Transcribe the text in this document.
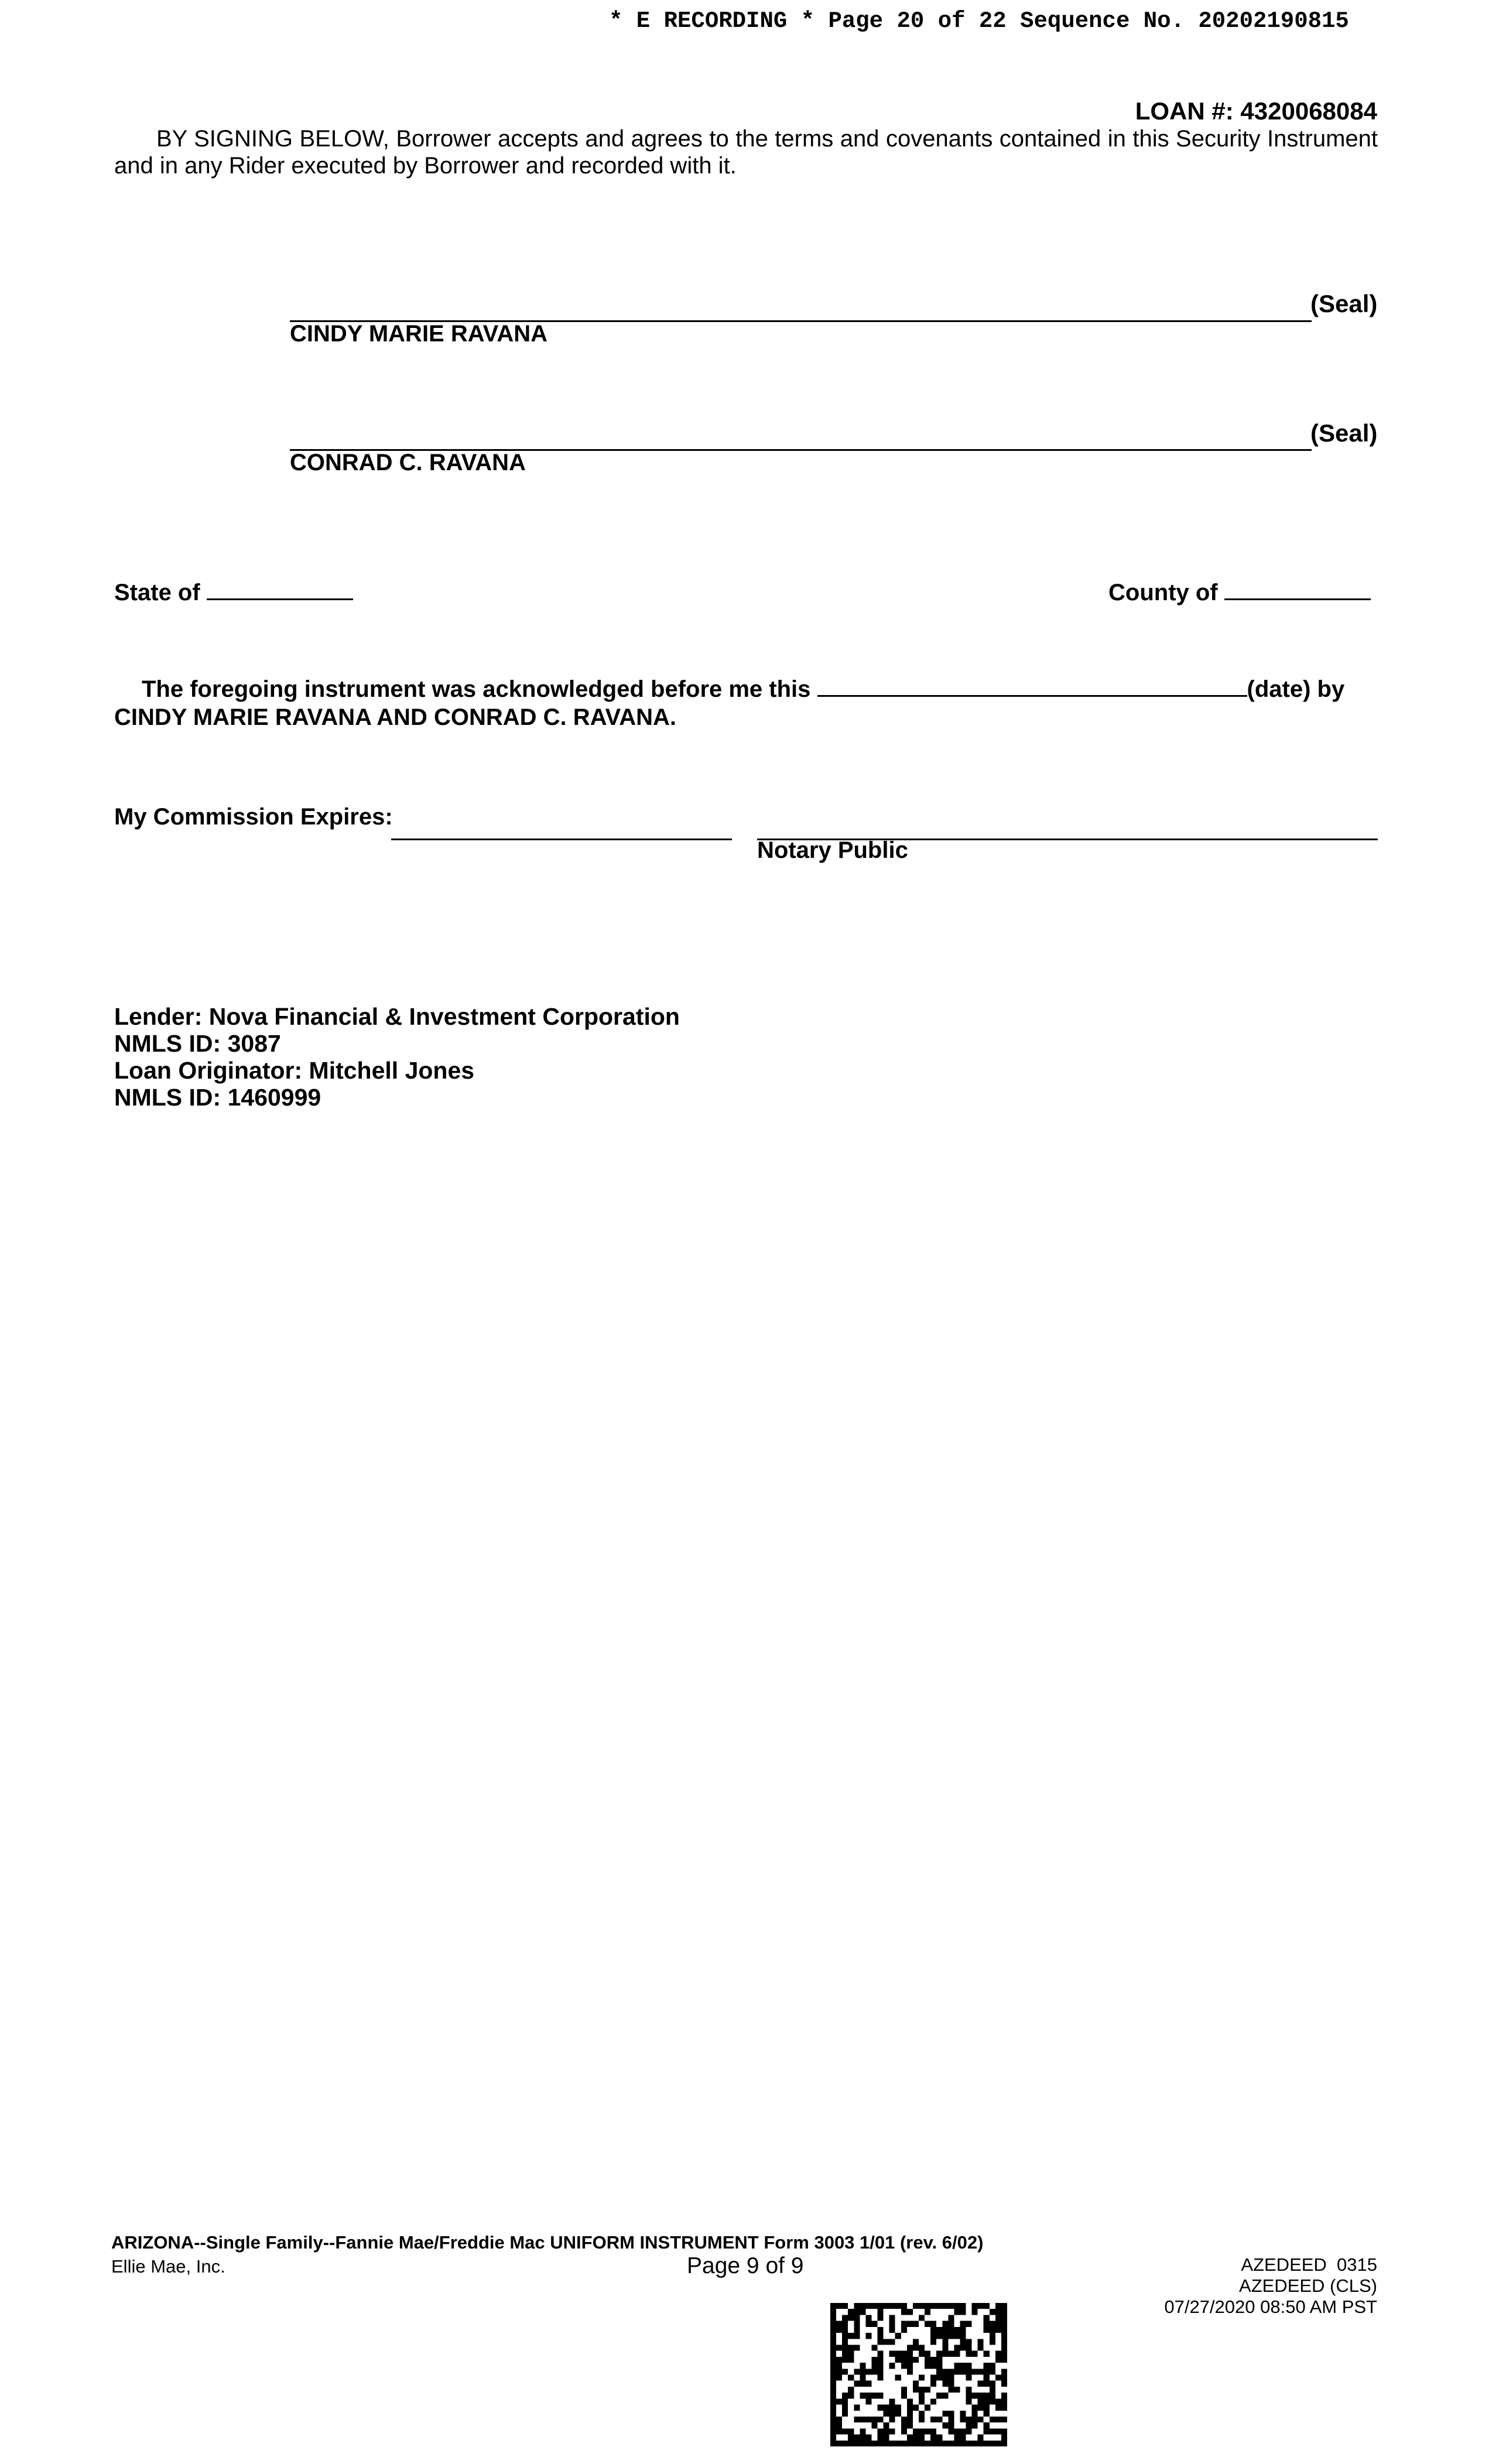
* E RECORDING * Page 20 of 22 Sequence No. 20202190815
LOAN #: 4320068084
BY SIGNING BELOW, Borrower accepts and agrees to the terms and covenants contained in this Security Instrument and in any Rider executed by Borrower and recorded with it.
(Seal)
CINDY MARIE RAVANA
(Seal)
CONRAD C. RAVANA
State of	County of
The foregoing instrument was acknowledged before me this	(date) by
CINDY MARIE RAVANA AND CONRAD C. RAVANA.
My Commission Expires:
Notary Public
Lender: Nova Financial & Investment Corporation
NMLS ID: 3087
Loan Originator: Mitchell Jones
NMLS ID: 1460999
ARIZONA--Single Family--Fannie Mae/Freddie Mac UNIFORM INSTRUMENT Form 3003 1/01 (rev. 6/02)
Ellie Mae, Inc.	Page 9 of 9	AZEDEED  0315
AZEDEED (CLS)
07/27/2020 08:50 AM PST
